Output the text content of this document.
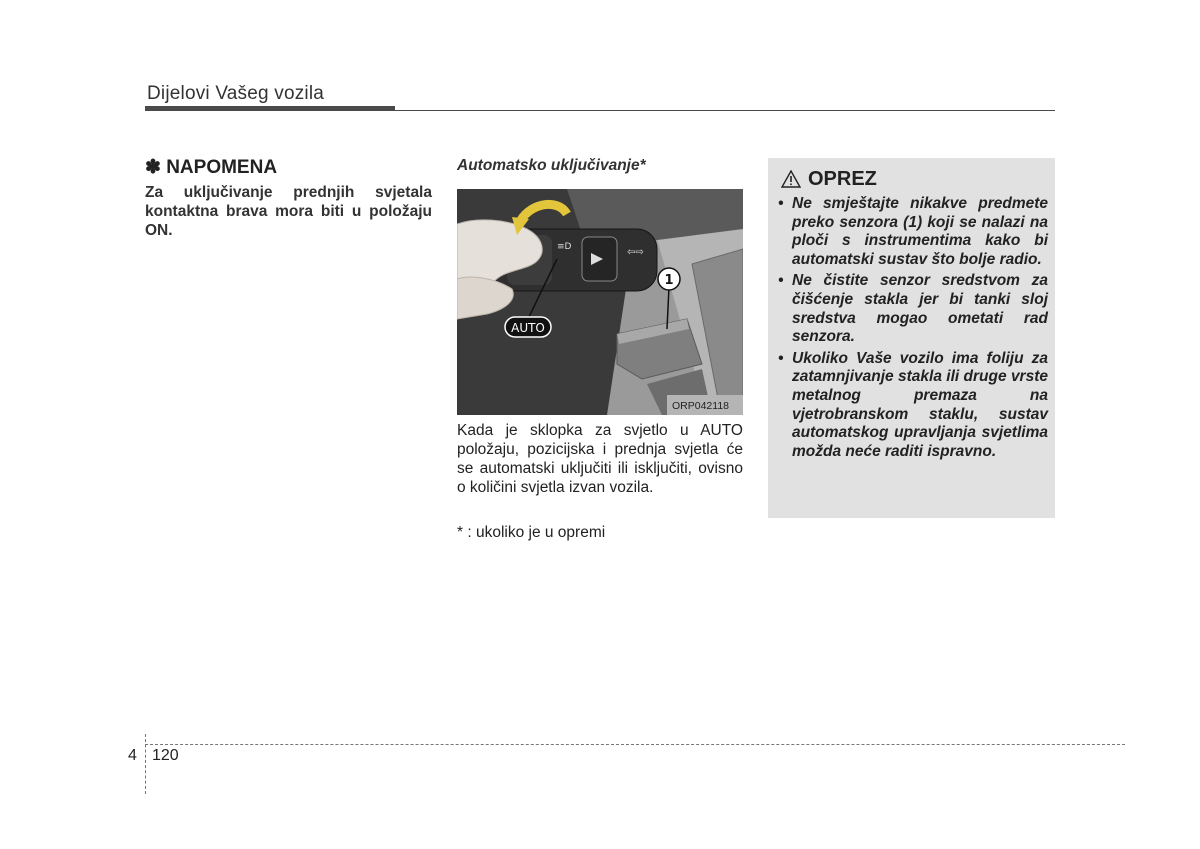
Dijelovi Vašeg vozila
✽ NAPOMENA
Za uključivanje prednjih svjetala kontaktna brava mora biti u položaju ON.
Automatsko uključivanje*
≡D	⇦⇨
AUTO
1
ORP042118
Kada je sklopka za svjetlo u AUTO položaju, pozicijska i prednja svjetla će se automatski uključiti ili isključiti, ovisno o količini svjetla izvan vozila.
* : ukoliko je u opremi
OPREZ
• Ne smještajte nikakve predmete preko senzora (1) koji se nalazi na ploči s instrumentima kako bi automatski sustav što bolje radio.
• Ne čistite senzor sredstvom za čišćenje stakla jer bi tanki sloj sredstva mogao ometati rad senzora.
• Ukoliko Vaše vozilo ima foliju za zatamnjivanje stakla ili druge vrste metalnog premaza na vjetrobranskom staklu, sustav automatskog upravljanja svjetlima možda neće raditi ispravno.
4 120
